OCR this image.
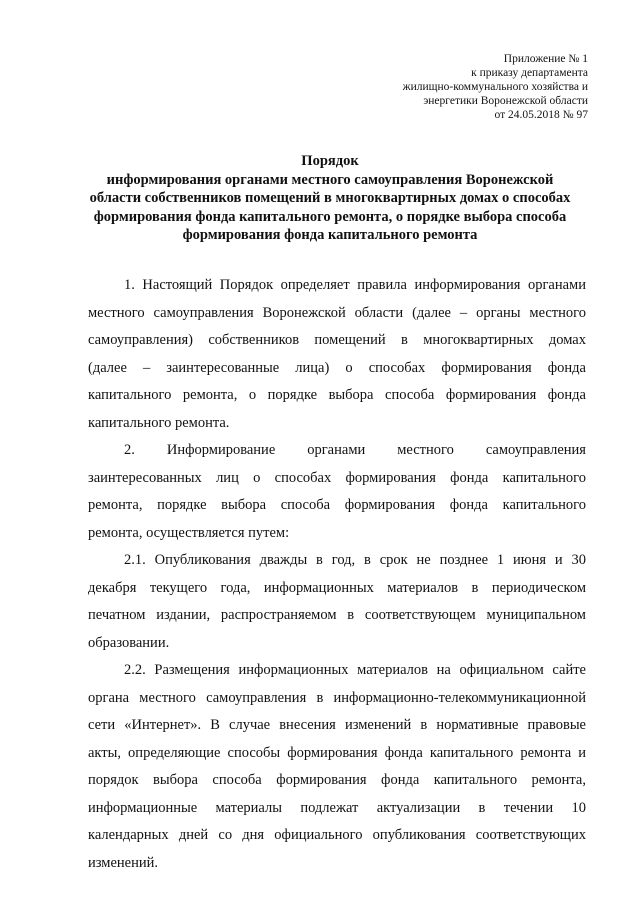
Приложение № 1
к приказу департамента
жилищно-коммунального хозяйства и
энергетики Воронежской области
от 24.05.2018 № 97
Порядок
информирования органами местного самоуправления Воронежской
области собственников помещений в многоквартирных домах о способах
формирования фонда капитального ремонта, о порядке выбора способа
формирования фонда капитального ремонта
1. Настоящий Порядок определяет правила информирования органами
местного самоуправления Воронежской области (далее – органы местного
самоуправления) собственников помещений в многоквартирных домах
(далее – заинтересованные лица) о способах формирования фонда
капитального ремонта, о порядке выбора способа формирования фонда
капитального ремонта.
2. Информирование органами местного самоуправления
заинтересованных лиц о способах формирования фонда капитального
ремонта, порядке выбора способа формирования фонда капитального
ремонта, осуществляется путем:
2.1. Опубликования дважды в год, в срок не позднее 1 июня и 30
декабря текущего года, информационных материалов в периодическом
печатном издании, распространяемом в соответствующем муниципальном
образовании.
2.2. Размещения информационных материалов на официальном сайте
органа местного самоуправления в информационно-телекоммуникационной
сети «Интернет». В случае внесения изменений в нормативные правовые
акты, определяющие способы формирования фонда капитального ремонта и
порядок выбора способа формирования фонда капитального ремонта,
информационные материалы подлежат актуализации в течении 10
календарных дней со дня официального опубликования соответствующих
изменений.
